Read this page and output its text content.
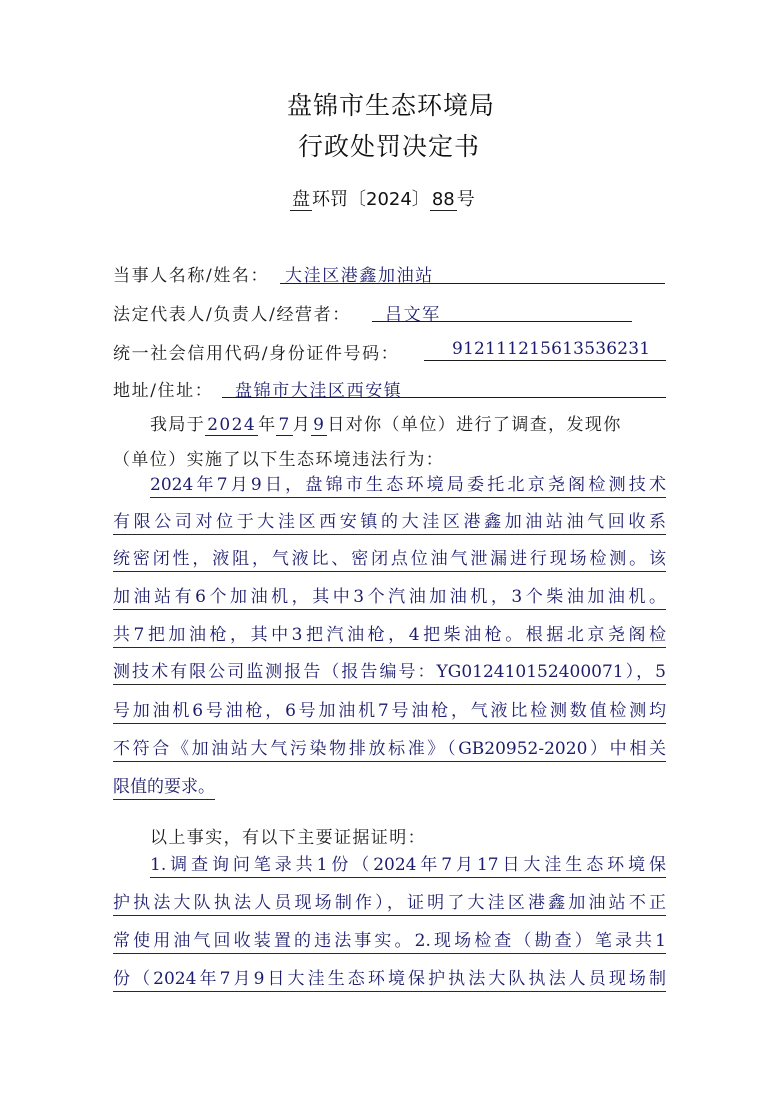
盘锦市生态环境局
行政处罚决定书
盘 环罚〔2024〕 88 号
当事人名称/姓名： 大洼区港鑫加油站
法定代表人/负责人/经营者： 吕文军
统一社会信用代码/身份证件号码：	912111215613536231
地址/住址： 盘锦市大洼区西安镇
我局于 2024 年 7 月 9 日对你（单位）进行了调查，发现你
（单位）实施了以下生态环境违法行为：
2024年7月9日，盘锦市生态环境局委托北京尧阁检测技术
有限公司对位于大洼区西安镇的大洼区港鑫加油站油气回收系
统密闭性，液阻，气液比、密闭点位油气泄漏进行现场检测。该
加油站有6个加油机，其中3个汽油加油机，3个柴油加油机。
共7把加油枪，其中3把汽油枪，4把柴油枪。根据北京尧阁检
测技术有限公司监测报告（报告编号：YG012410152400071），5
号加油机6号油枪，6号加油机7号油枪，气液比检测数值检测均
不符合《加油站大气污染物排放标准》（GB20952-2020）中相关
限值的要求。
以上事实，有以下主要证据证明：
1.调查询问笔录共1份（2024年7月17日大洼生态环境保
护执法大队执法人员现场制作），证明了大洼区港鑫加油站不正
常使用油气回收装置的违法事实。2.现场检查（勘查）笔录共1
份（2024年7月9日大洼生态环境保护执法大队执法人员现场制
